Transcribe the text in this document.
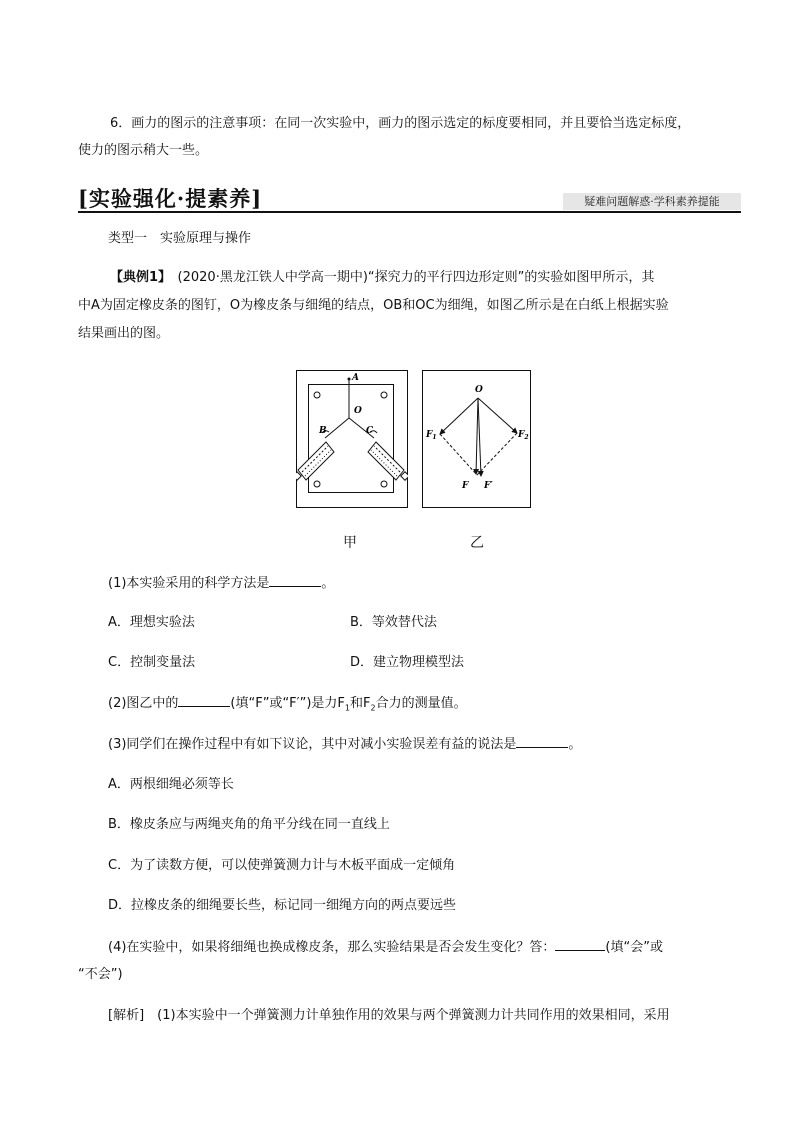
6．画力的图示的注意事项：在同一次实验中，画力的图示选定的标度要相同，并且要恰当选定标度，
使力的图示稍大一些。
[实验强化·提素养]	疑难问题解惑·学科素养提能
类型一　实验原理与操作
【典例1】　(2020·黑龙江铁人中学高一期中)“探究力的平行四边形定则”的实验如图甲所示，其
中A为固定橡皮条的图钉，O为橡皮条与细绳的结点，OB和OC为细绳，如图乙所示是在白纸上根据实验
结果画出的图。
A
O
B	C
O
$F_1$	$F_2$
F F′
甲	乙
(1)本实验采用的科学方法是	。
A．理想实验法	B．等效替代法
C．控制变量法	D．建立物理模型法
(2)图乙中的	(填“F”或“F′”)是力$F_1$和$F_2$合力的测量值。
(3)同学们在操作过程中有如下议论，其中对减小实验误差有益的说法是	。
A．两根细绳必须等长
B．橡皮条应与两绳夹角的角平分线在同一直线上
C．为了读数方便，可以使弹簧测力计与木板平面成一定倾角
D．拉橡皮条的细绳要长些，标记同一细绳方向的两点要远些
(4)在实验中，如果将细绳也换成橡皮条，那么实验结果是否会发生变化？答：	(填“会”或
“不会”)
[解析]　(1)本实验中一个弹簧测力计单独作用的效果与两个弹簧测力计共同作用的效果相同，采用
